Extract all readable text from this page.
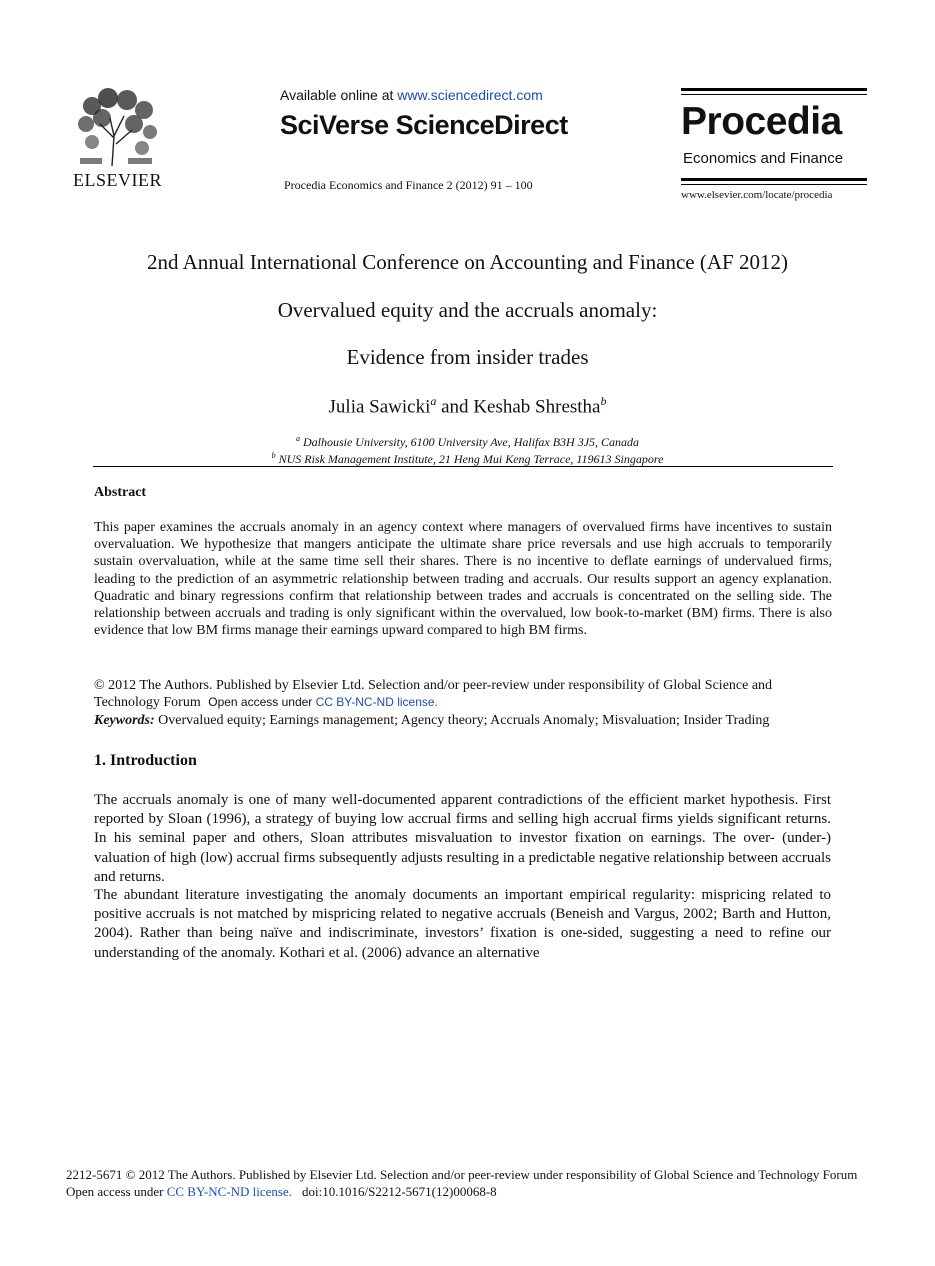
ELSEVIER
Available online at www.sciencedirect.com
SciVerse ScienceDirect
Procedia Economics and Finance 2 (2012) 91 – 100
Procedia
Economics and Finance
www.elsevier.com/locate/procedia
2nd Annual International Conference on Accounting and Finance (AF 2012)
Overvalued equity and the accruals anomaly:
Evidence from insider trades
Julia Sawicki$^a$ and Keshab Shrestha$^b$
$^a$ Dalhousie University, 6100 University Ave, Halifax B3H 3J5, Canada
$^b$ NUS Risk Management Institute, 21 Heng Mui Keng Terrace, 119613 Singapore
Abstract
This paper examines the accruals anomaly in an agency context where managers of overvalued firms have incentives to sustain overvaluation. We hypothesize that mangers anticipate the ultimate share price reversals and use high accruals to temporarily sustain overvaluation, while at the same time sell their shares. There is no incentive to deflate earnings of undervalued firms, leading to the prediction of an asymmetric relationship between trading and accruals. Our results support an agency explanation. Quadratic and binary regressions confirm that relationship between trades and accruals is concentrated on the selling side. The relationship between accruals and trading is only significant within the overvalued, low book-to-market (BM) firms. There is also evidence that low BM firms manage their earnings upward compared to high BM firms.
© 2012 The Authors. Published by Elsevier Ltd. Selection and/or peer-review under responsibility of Global Science and Technology Forum Open access under CC BY-NC-ND license.
Keywords: Overvalued equity; Earnings management; Agency theory; Accruals Anomaly; Misvaluation; Insider Trading
1. Introduction
The accruals anomaly is one of many well-documented apparent contradictions of the efficient market hypothesis. First reported by Sloan (1996), a strategy of buying low accrual firms and selling high accrual firms yields significant returns. In his seminal paper and others, Sloan attributes misvaluation to investor fixation on earnings. The over- (under-) valuation of high (low) accrual firms subsequently adjusts resulting in a predictable negative relationship between accruals and returns.
The abundant literature investigating the anomaly documents an important empirical regularity: mispricing related to positive accruals is not matched by mispricing related to negative accruals (Beneish and Vargus, 2002; Barth and Hutton, 2004). Rather than being naïve and indiscriminate, investors’ fixation is one-sided, suggesting a need to refine our understanding of the anomaly. Kothari et al. (2006) advance an alternative
2212-5671 © 2012 The Authors. Published by Elsevier Ltd. Selection and/or peer-review under responsibility of Global Science and Technology Forum
Open access under CC BY-NC-ND license. doi:10.1016/S2212-5671(12)00068-8
